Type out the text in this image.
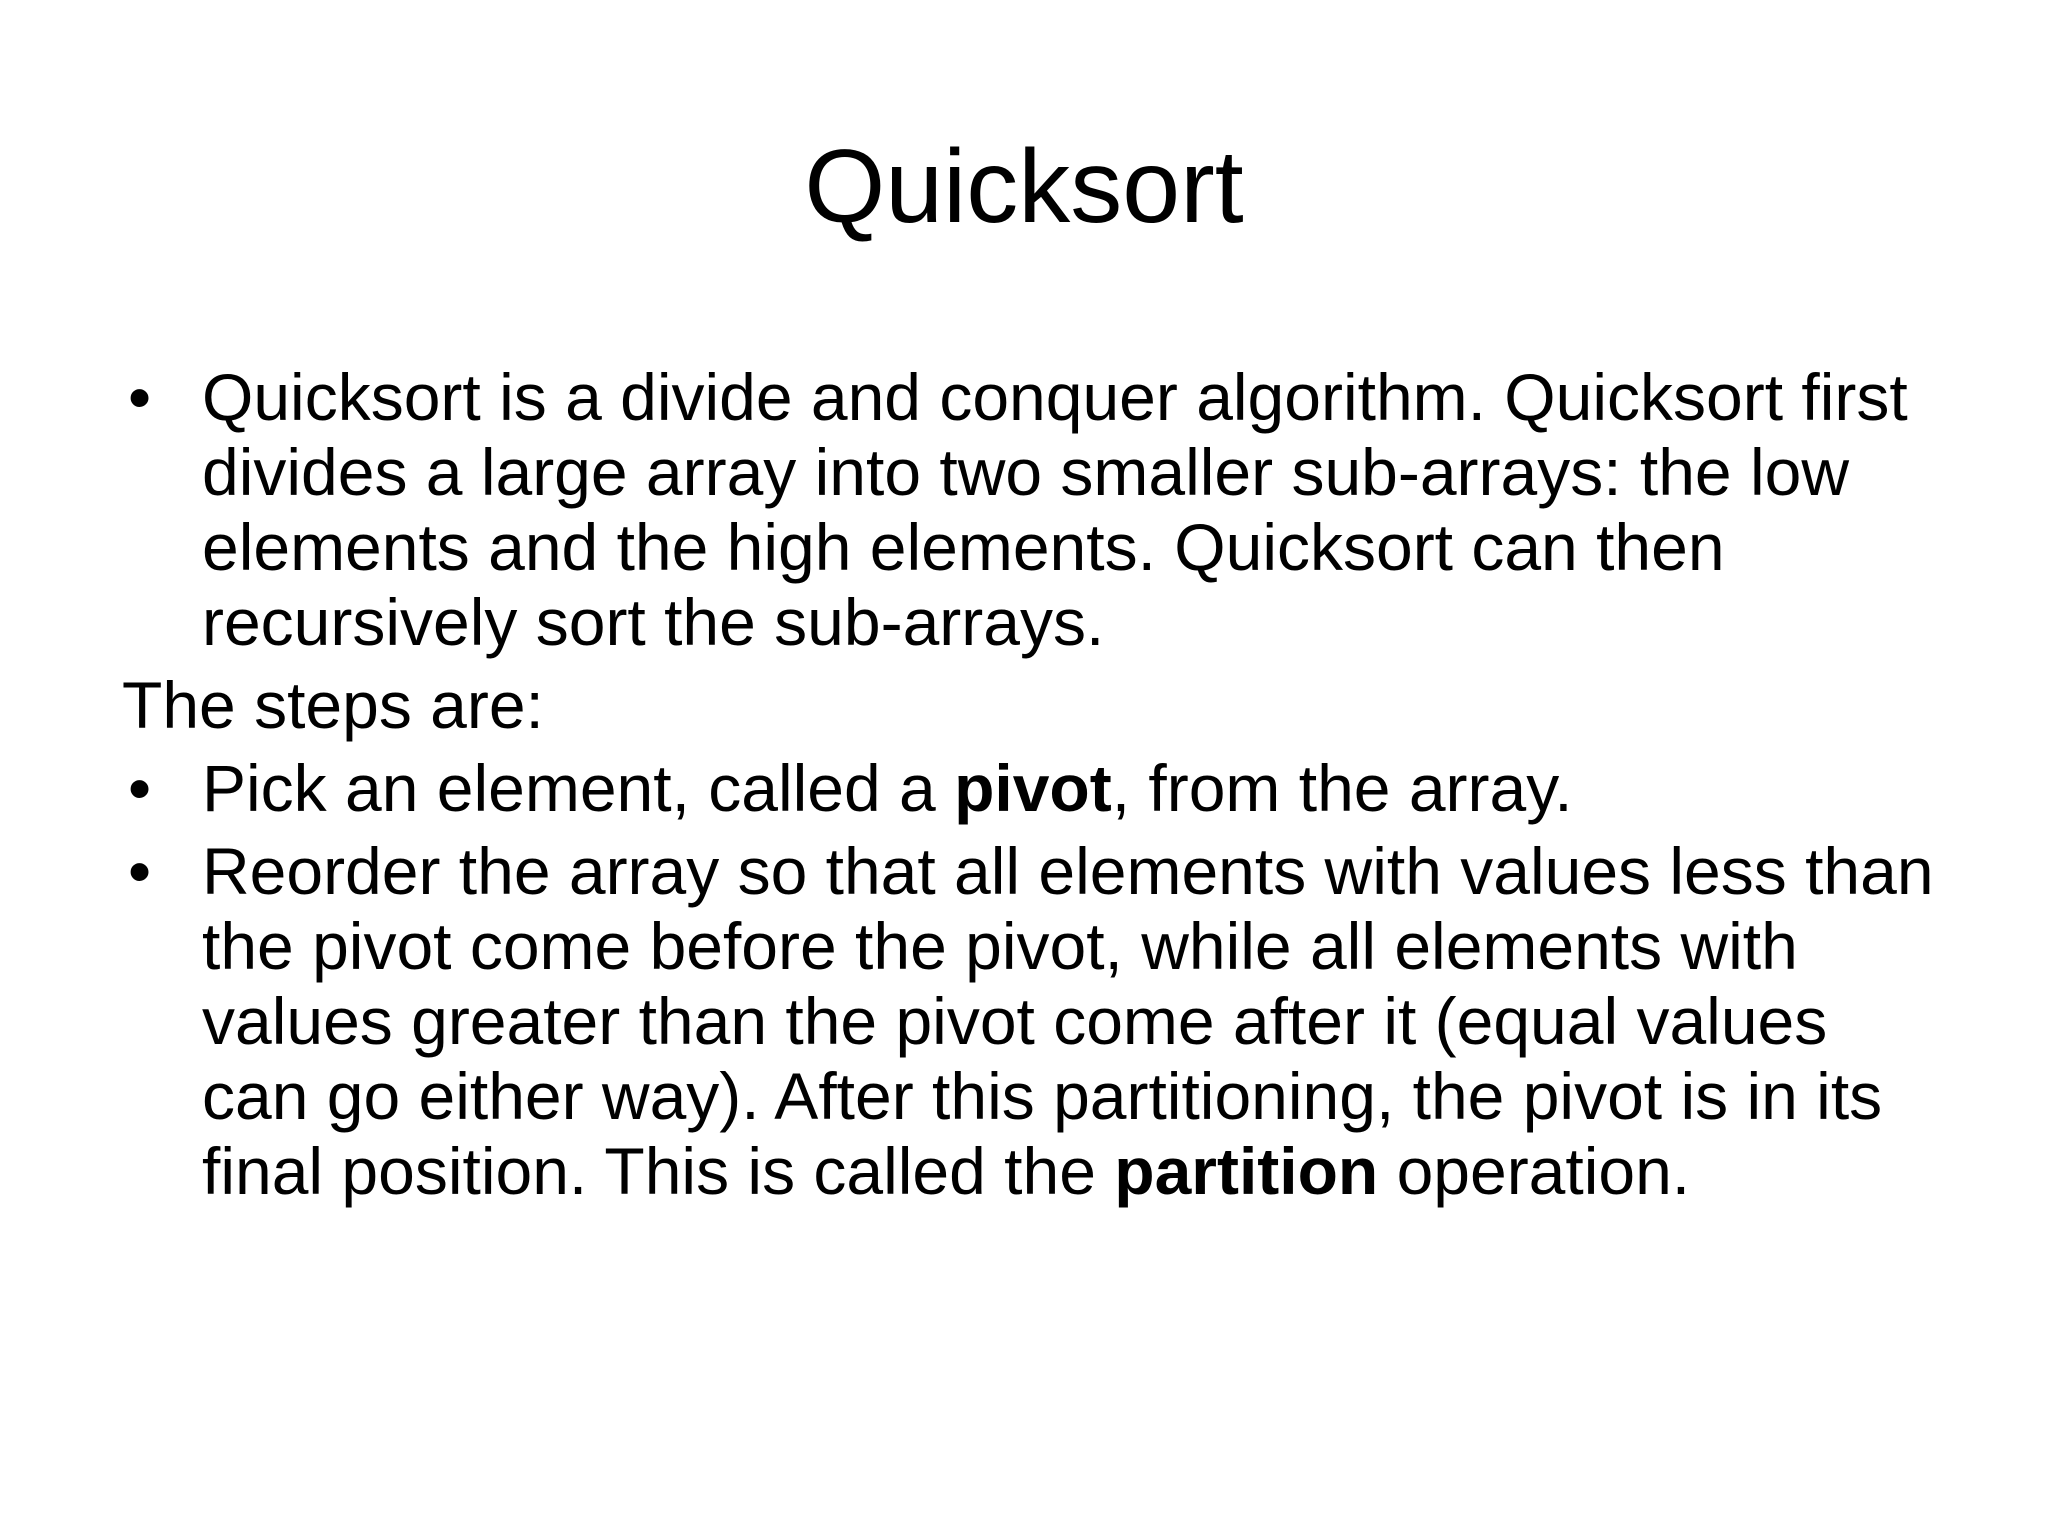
Quicksort

• Quicksort is a divide and conquer algorithm. Quicksort first divides a large array into two smaller sub-arrays: the low elements and the high elements. Quicksort can then recursively sort the sub-arrays.

The steps are:

• Pick an element, called a pivot, from the array.

• Reorder the array so that all elements with values less than the pivot come before the pivot, while all elements with values greater than the pivot come after it (equal values can go either way). After this partitioning, the pivot is in its final position. This is called the partition operation.
